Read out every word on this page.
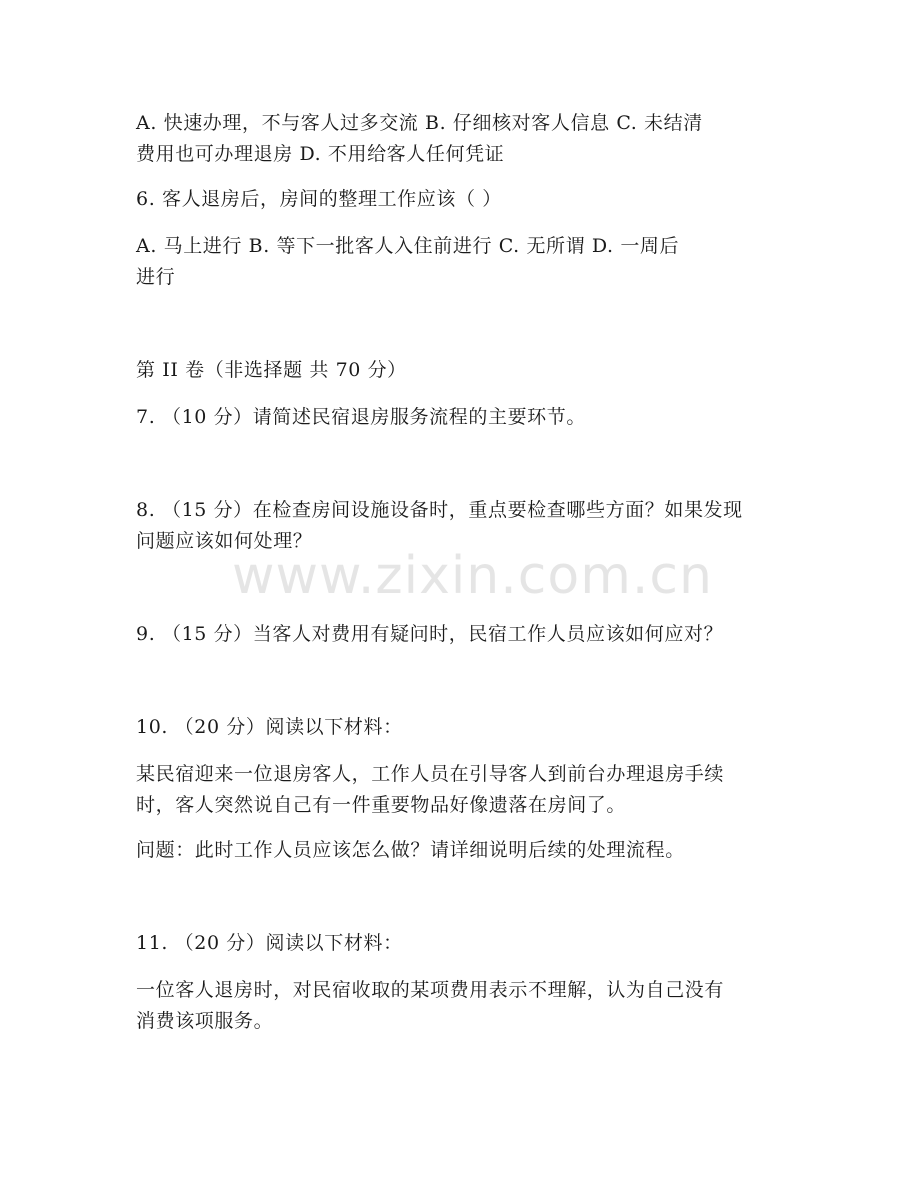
A. 快速办理，不与客人过多交流 B. 仔细核对客人信息 C. 未结清
费用也可办理退房 D. 不用给客人任何凭证
6. 客人退房后，房间的整理工作应该（ ）
A. 马上进行 B. 等下一批客人入住前进行 C. 无所谓 D. 一周后
进行
第 II 卷（非选择题 共 70 分）
7. （10 分）请简述民宿退房服务流程的主要环节。
8. （15 分）在检查房间设施设备时，重点要检查哪些方面？如果发现
问题应该如何处理？
www.zixin.com.cn
9. （15 分）当客人对费用有疑问时，民宿工作人员应该如何应对？
10. （20 分）阅读以下材料：
某民宿迎来一位退房客人，工作人员在引导客人到前台办理退房手续
时，客人突然说自己有一件重要物品好像遗落在房间了。
问题：此时工作人员应该怎么做？请详细说明后续的处理流程。
11. （20 分）阅读以下材料：
一位客人退房时，对民宿收取的某项费用表示不理解，认为自己没有
消费该项服务。
